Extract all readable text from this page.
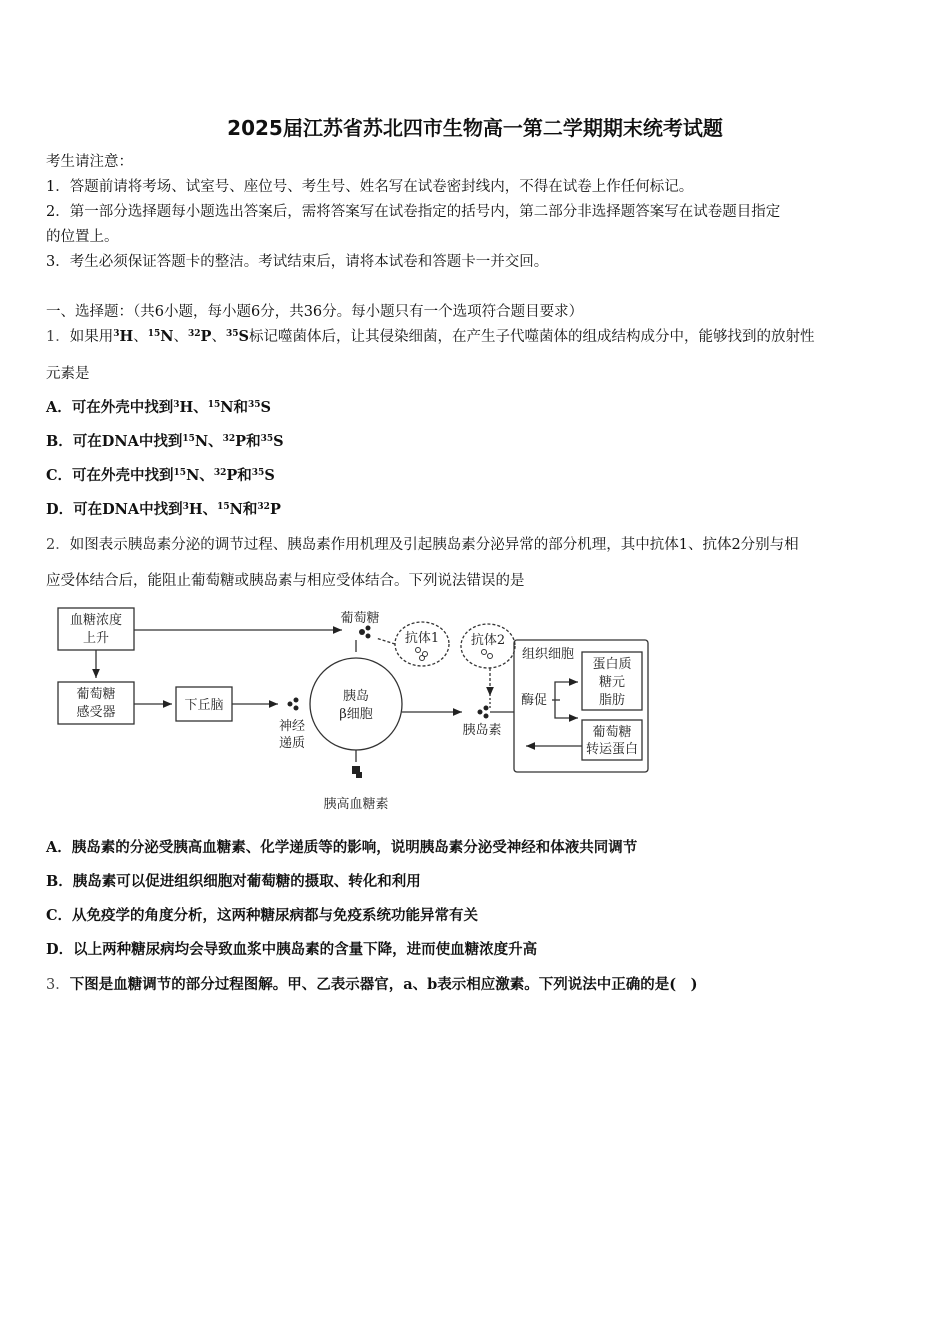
2025届江苏省苏北四市生物高一第二学期期末统考试题
考生请注意：
1．答题前请将考场、试室号、座位号、考生号、姓名写在试卷密封线内，不得在试卷上作任何标记。
2．第一部分选择题每小题选出答案后，需将答案写在试卷指定的括号内，第二部分非选择题答案写在试卷题目指定
的位置上。
3．考生必须保证答题卡的整洁。考试结束后，请将本试卷和答题卡一并交回。
一、选择题：（共6小题，每小题6分，共36分。每小题只有一个选项符合题目要求）
1．如果用$^3$H、$^{15}$N、$^{32}$P、$^{35}$S标记噬菌体后，让其侵染细菌，在产生子代噬菌体的组成结构成分中，能够找到的放射性
元素是
A．可在外壳中找到$^3$H、$^{15}$N和$^{35}$S
B．可在DNA中找到$^{15}$N、$^{32}$P和$^{35}$S
C．可在外壳中找到$^{15}$N、$^{32}$P和$^{35}$S
D．可在DNA中找到$^3$H、$^{15}$N和$^{32}$P
2．如图表示胰岛素分泌的调节过程、胰岛素作用机理及引起胰岛素分泌异常的部分机理，其中抗体1、抗体2分别与相
应受体结合后，能阻止葡萄糖或胰岛素与相应受体结合。下列说法错误的是
血糖浓度
上升
葡萄糖
感受器	下丘脑
神经
递质
胰岛
β细胞
葡萄糖
抗体1 抗体2
胰高血糖素
胰岛素
组织细胞
酶促
蛋白质
糖元
脂肪
葡萄糖
转运蛋白
A．胰岛素的分泌受胰高血糖素、化学递质等的影响，说明胰岛素分泌受神经和体液共同调节
B．胰岛素可以促进组织细胞对葡萄糖的摄取、转化和利用
C．从免疫学的角度分析，这两种糖尿病都与免疫系统功能异常有关
D．以上两种糖尿病均会导致血浆中胰岛素的含量下降，进而使血糖浓度升高
3．下图是血糖调节的部分过程图解。甲、乙表示器官，a、b表示相应激素。下列说法中正确的是(　)
